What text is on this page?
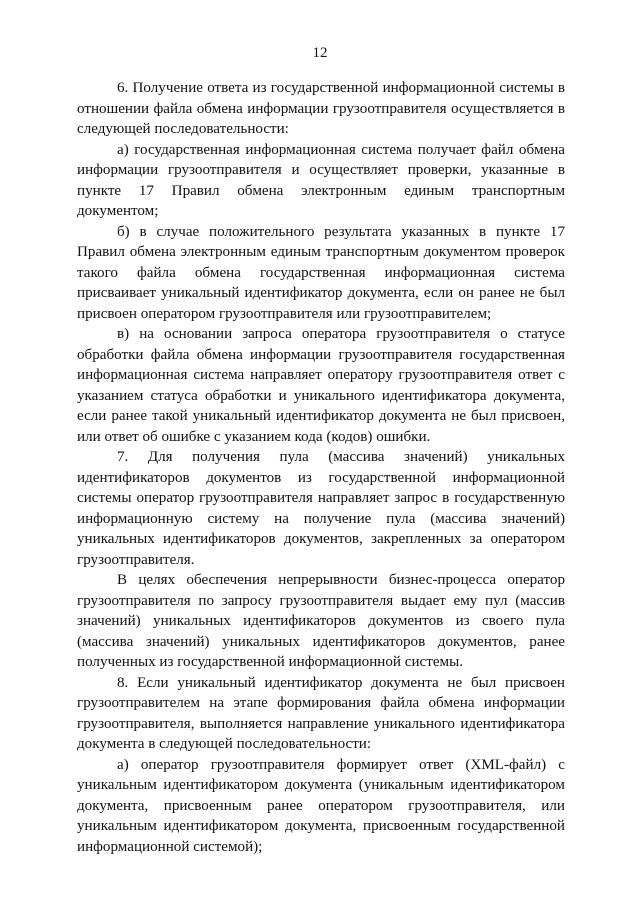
12

6. Получение ответа из государственной информационной системы в отношении файла обмена информации грузоотправителя осуществляется в следующей последовательности:

а) государственная информационная система получает файл обмена информации грузоотправителя и осуществляет проверки, указанные в пункте 17 Правил обмена электронным единым транспортным документом;

б) в случае положительного результата указанных в пункте 17 Правил обмена электронным единым транспортным документом проверок такого файла обмена государственная информационная система присваивает уникальный идентификатор документа, если он ранее не был присвоен оператором грузоотправителя или грузоотправителем;

в) на основании запроса оператора грузоотправителя о статусе обработки файла обмена информации грузоотправителя государственная информационная система направляет оператору грузоотправителя ответ с указанием статуса обработки и уникального идентификатора документа, если ранее такой уникальный идентификатор документа не был присвоен, или ответ об ошибке с указанием кода (кодов) ошибки.

7. Для получения пула (массива значений) уникальных идентификаторов документов из государственной информационной системы оператор грузоотправителя направляет запрос в государственную информационную систему на получение пула (массива значений) уникальных идентификаторов документов, закрепленных за оператором грузоотправителя.

В целях обеспечения непрерывности бизнес-процесса оператор грузоотправителя по запросу грузоотправителя выдает ему пул (массив значений) уникальных идентификаторов документов из своего пула (массива значений) уникальных идентификаторов документов, ранее полученных из государственной информационной системы.

8. Если уникальный идентификатор документа не был присвоен грузоотправителем на этапе формирования файла обмена информации грузоотправителя, выполняется направление уникального идентификатора документа в следующей последовательности:

а) оператор грузоотправителя формирует ответ (XML-файл) с уникальным идентификатором документа (уникальным идентификатором документа, присвоенным ранее оператором грузоотправителя, или уникальным идентификатором документа, присвоенным государственной информационной системой);
